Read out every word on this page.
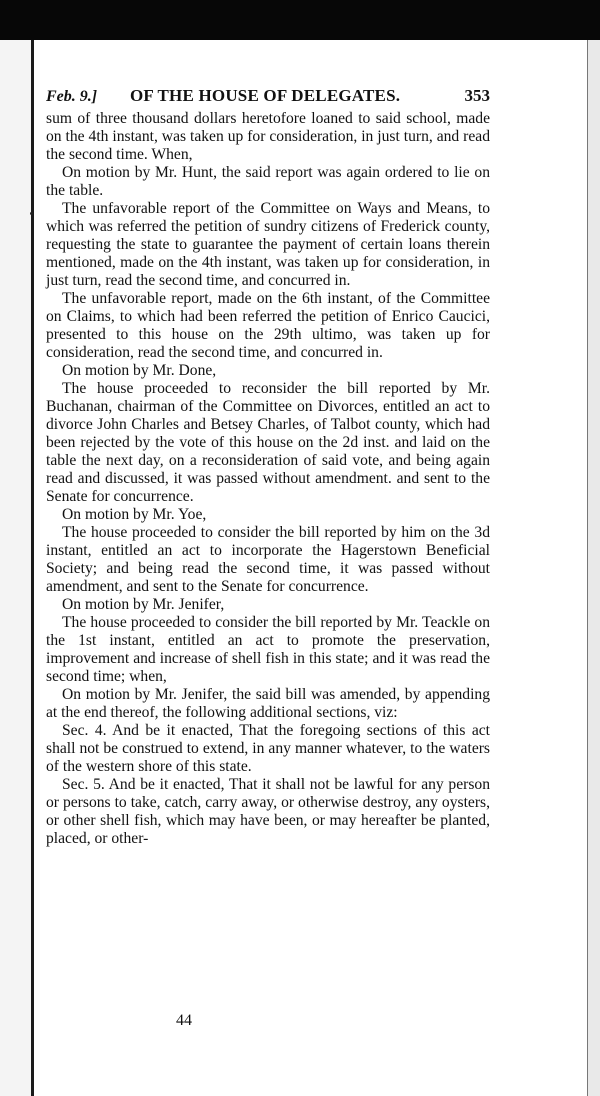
Feb. 9.] OF THE HOUSE OF DELEGATES.	353

sum of three thousand dollars heretofore loaned to said school, made on the 4th instant, was taken up for consideration, in just turn, and read the second time. When,

On motion by Mr. Hunt, the said report was again ordered to lie on the table.

The unfavorable report of the Committee on Ways and Means, to which was referred the petition of sundry citizens of Frederick county, requesting the state to guarantee the payment of certain loans therein mentioned, made on the 4th instant, was taken up for consideration, in just turn, read the second time, and concurred in.

The unfavorable report, made on the 6th instant, of the Committee on Claims, to which had been referred the petition of Enrico Caucici, presented to this house on the 29th ultimo, was taken up for consideration, read the second time, and concurred in.

On motion by Mr. Done,

The house proceeded to reconsider the bill reported by Mr. Buchanan, chairman of the Committee on Divorces, entitled an act to divorce John Charles and Betsey Charles, of Talbot county, which had been rejected by the vote of this house on the 2d inst. and laid on the table the next day, on a reconsideration of said vote, and being again read and discussed, it was passed without amendment. and sent to the Senate for concurrence.

On motion by Mr. Yoe,

The house proceeded to consider the bill reported by him on the 3d instant, entitled an act to incorporate the Hagerstown Beneficial Society; and being read the second time, it was passed without amendment, and sent to the Senate for concurrence.

On motion by Mr. Jenifer,

The house proceeded to consider the bill reported by Mr. Teackle on the 1st instant, entitled an act to promote the preservation, improvement and increase of shell fish in this state; and it was read the second time; when,

On motion by Mr. Jenifer, the said bill was amended, by appending at the end thereof, the following additional sections, viz:

Sec. 4. And be it enacted, That the foregoing sections of this act shall not be construed to extend, in any manner whatever, to the waters of the western shore of this state.

Sec. 5. And be it enacted, That it shall not be lawful for any person or persons to take, catch, carry away, or otherwise destroy, any oysters, or other shell fish, which may have been, or may hereafter be planted, placed, or other-

44
